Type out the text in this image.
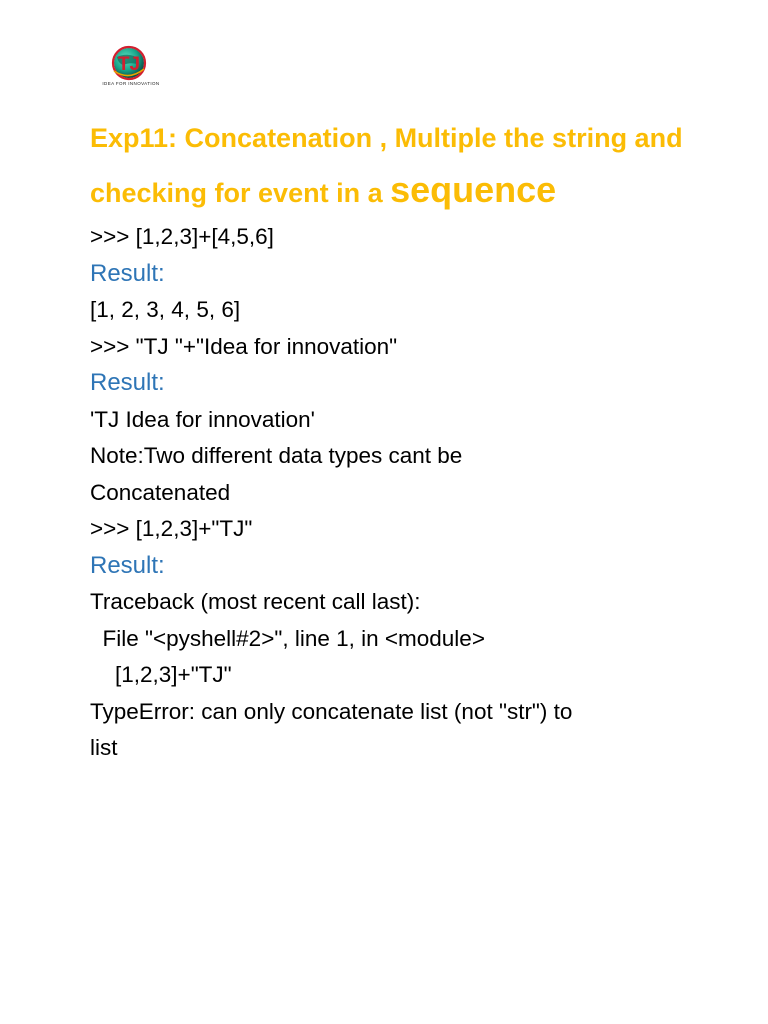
TJ
IDEA FOR INNOVATION

Exp11: Concatenation , Multiple the string and checking for event in a sequence

>>> [1,2,3]+[4,5,6]

Result:

[1, 2, 3, 4, 5, 6]

>>> "TJ "+"Idea for innovation"

Result:

'TJ Idea for innovation'

Note:Two different data types cant be

Concatenated

>>> [1,2,3]+"TJ"

Result:

Traceback (most recent call last):

File "<pyshell#2>", line 1, in <module>

[1,2,3]+"TJ"

TypeError: can only concatenate list (not "str") to

list
